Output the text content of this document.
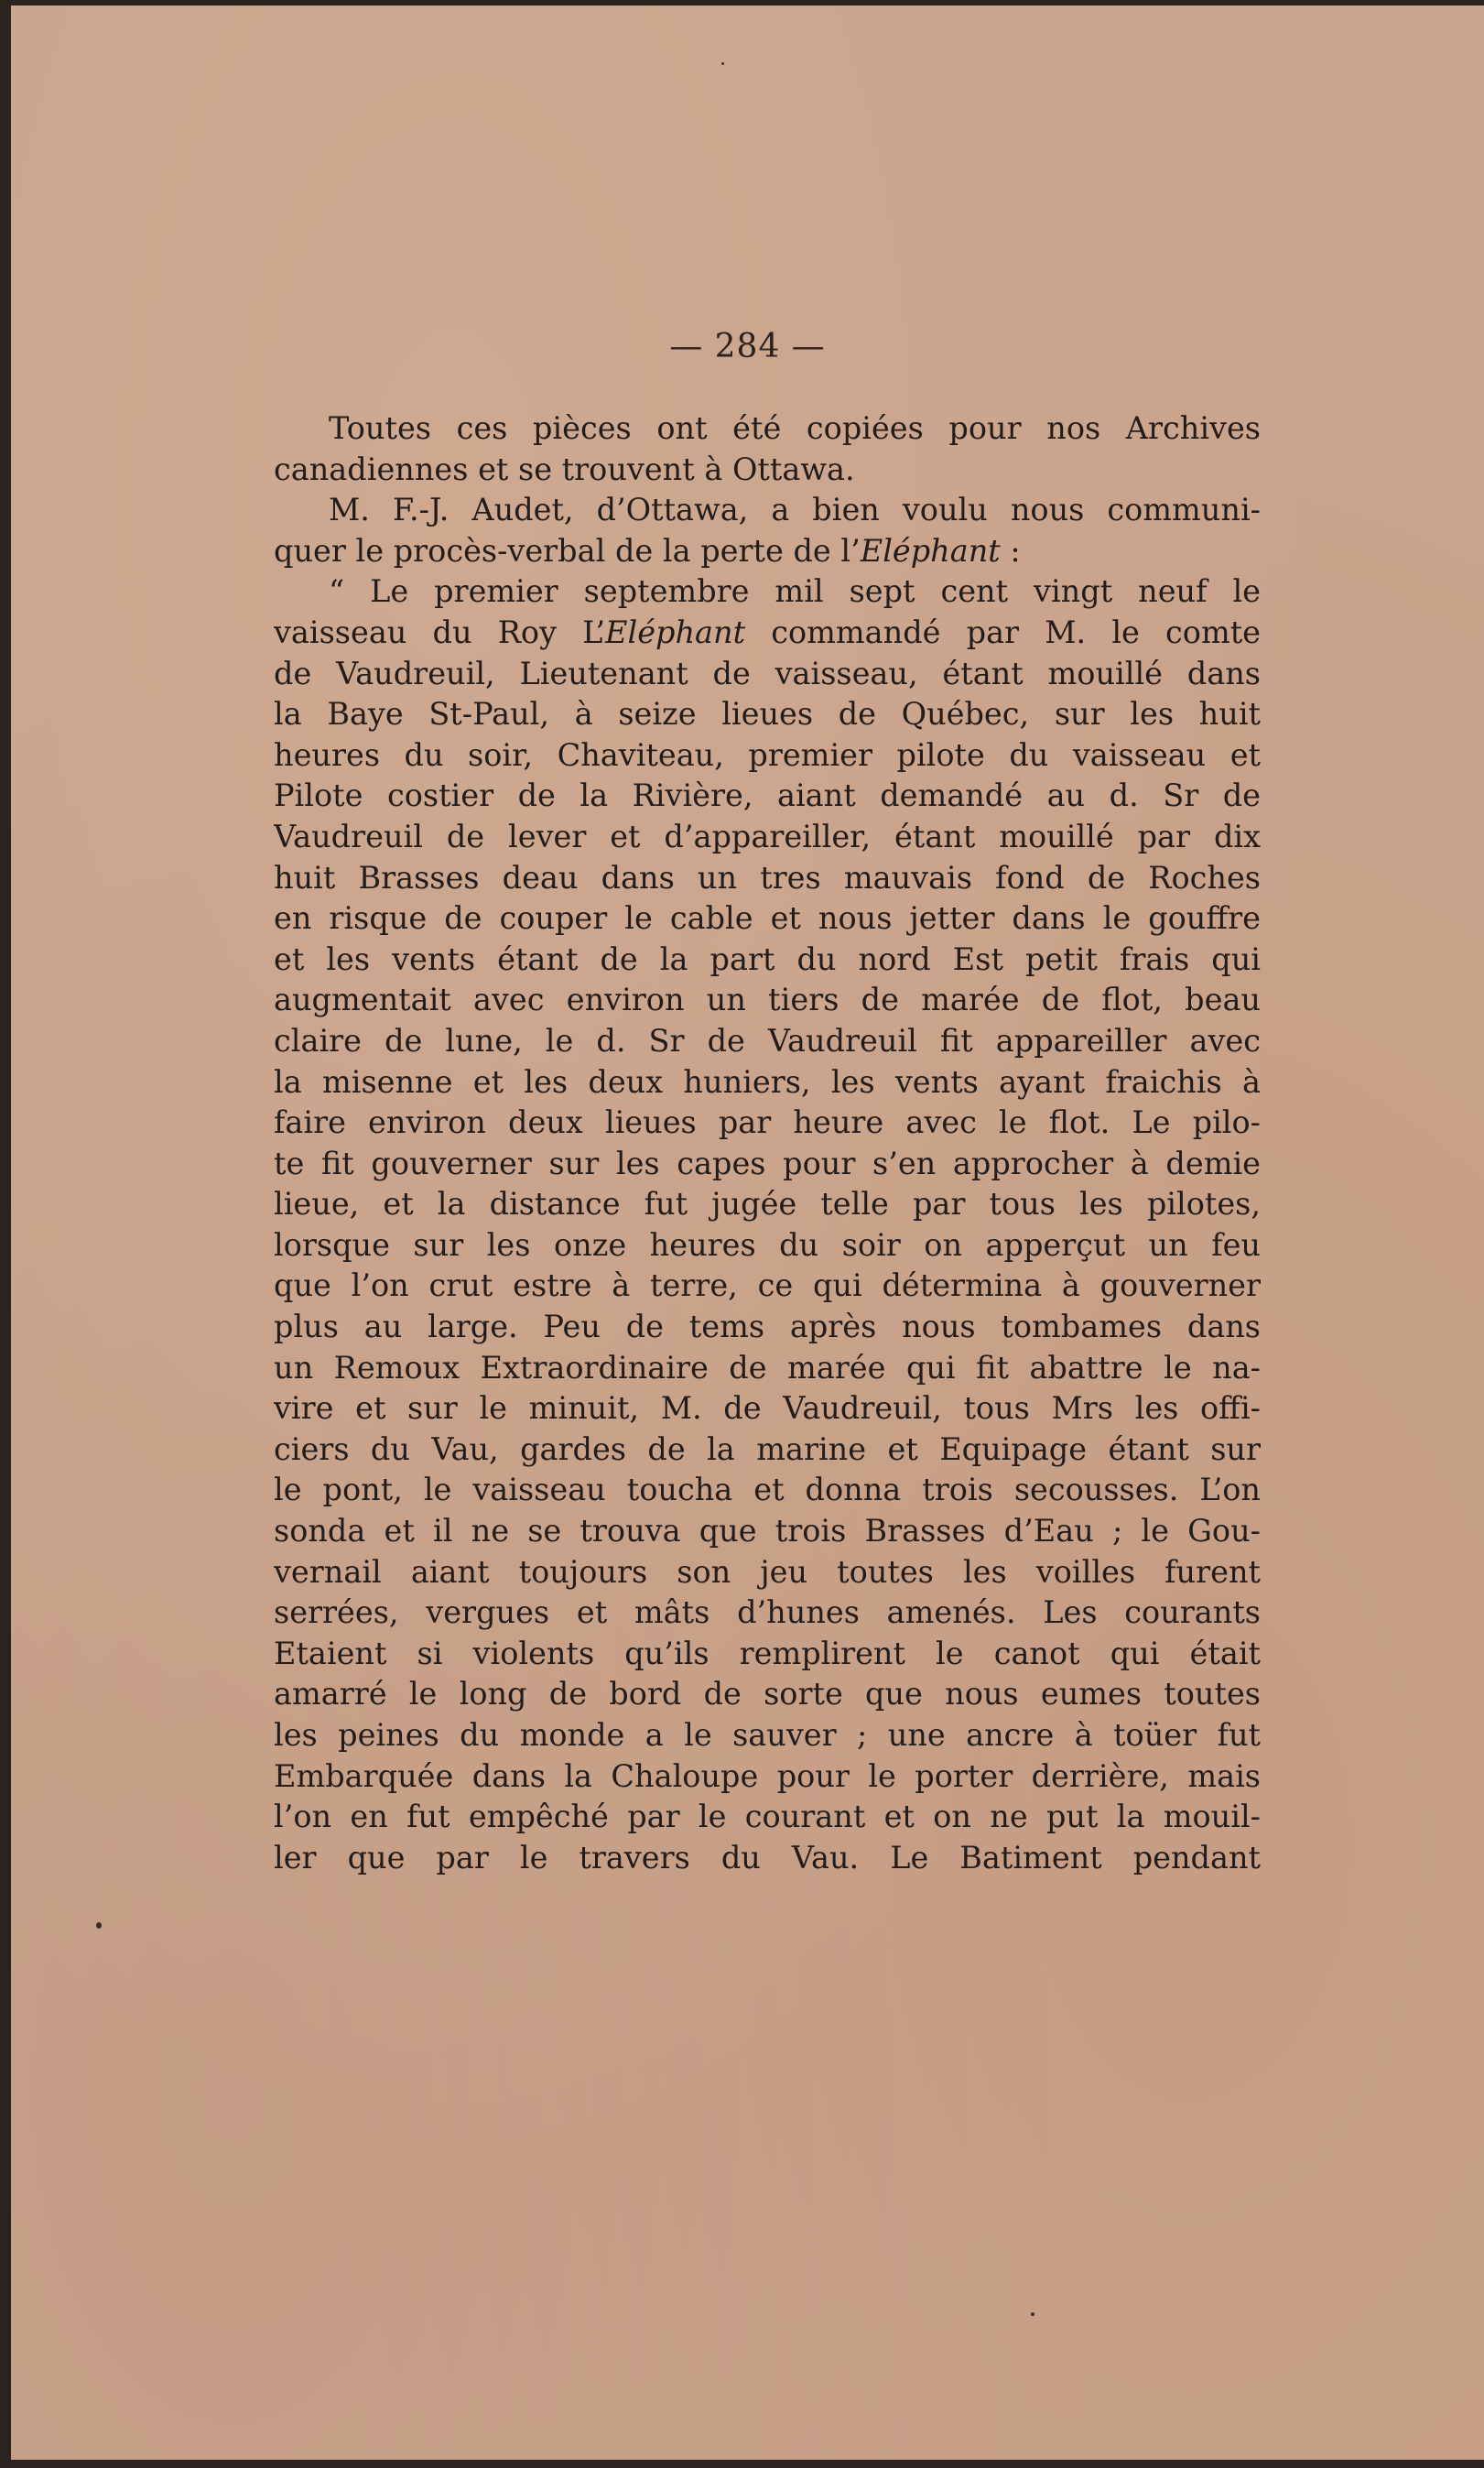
— 284 —
Toutes ces pièces ont été copiées pour nos Archives
canadiennes et se trouvent à Ottawa.
M. F.-J. Audet, d’Ottawa, a bien voulu nous communi-
quer le procès-verbal de la perte de l’Eléphant :
“ Le premier septembre mil sept cent vingt neuf le
vaisseau du Roy L’Eléphant commandé par M. le comte
de Vaudreuil, Lieutenant de vaisseau, étant mouillé dans
la Baye St-Paul, à seize lieues de Québec, sur les huit
heures du soir, Chaviteau, premier pilote du vaisseau et
Pilote costier de la Rivière, aiant demandé au d. Sr de
Vaudreuil de lever et d’appareiller, étant mouillé par dix
huit Brasses deau dans un tres mauvais fond de Roches
en risque de couper le cable et nous jetter dans le gouffre
et les vents étant de la part du nord Est petit frais qui
augmentait avec environ un tiers de marée de flot, beau
claire de lune, le d. Sr de Vaudreuil fit appareiller avec
la misenne et les deux huniers, les vents ayant fraichis à
faire environ deux lieues par heure avec le flot. Le pilo-
te fit gouverner sur les capes pour s’en approcher à demie
lieue, et la distance fut jugée telle par tous les pilotes,
lorsque sur les onze heures du soir on apperçut un feu
que l’on crut estre à terre, ce qui détermina à gouverner
plus au large. Peu de tems après nous tombames dans
un Remoux Extraordinaire de marée qui fit abattre le na-
vire et sur le minuit, M. de Vaudreuil, tous Mrs les offi-
ciers du Vau, gardes de la marine et Equipage étant sur
le pont, le vaisseau toucha et donna trois secousses. L’on
sonda et il ne se trouva que trois Brasses d’Eau ; le Gou-
vernail aiant toujours son jeu toutes les voilles furent
serrées, vergues et mâts d’hunes amenés. Les courants
Etaient si violents qu’ils remplirent le canot qui était
amarré le long de bord de sorte que nous eumes toutes
les peines du monde a le sauver ; une ancre à toüer fut
Embarquée dans la Chaloupe pour le porter derrière, mais
l’on en fut empêché par le courant et on ne put la mouil-
ler que par le travers du Vau. Le Batiment pendant
